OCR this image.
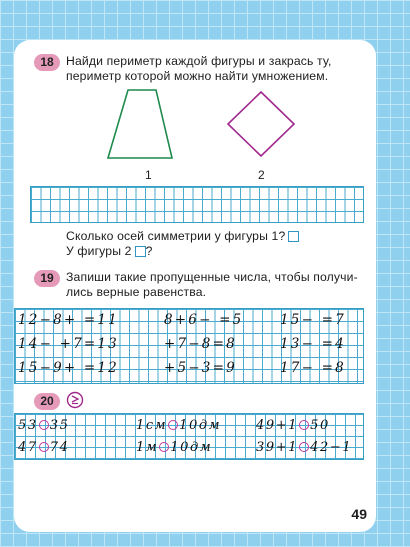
18	Найди периметр каждой фигуры и закрась ту,
периметр которой можно найти умножением.
1	2
Сколько осей симметрии у фигуры 1?
У фигуры 2 ?
19	Запиши такие пропущенные числа, чтобы получи-
лись верные равенства.
12−8+ =11	8+6− =5	15− =7
14− +7=13	+7−8=8	13− =4
15−9+ =12	+5−3=9	17− =8
20
53 35	1см 10дм	49+1 50
47 74	1м 10дм	39+1 42−1
49
